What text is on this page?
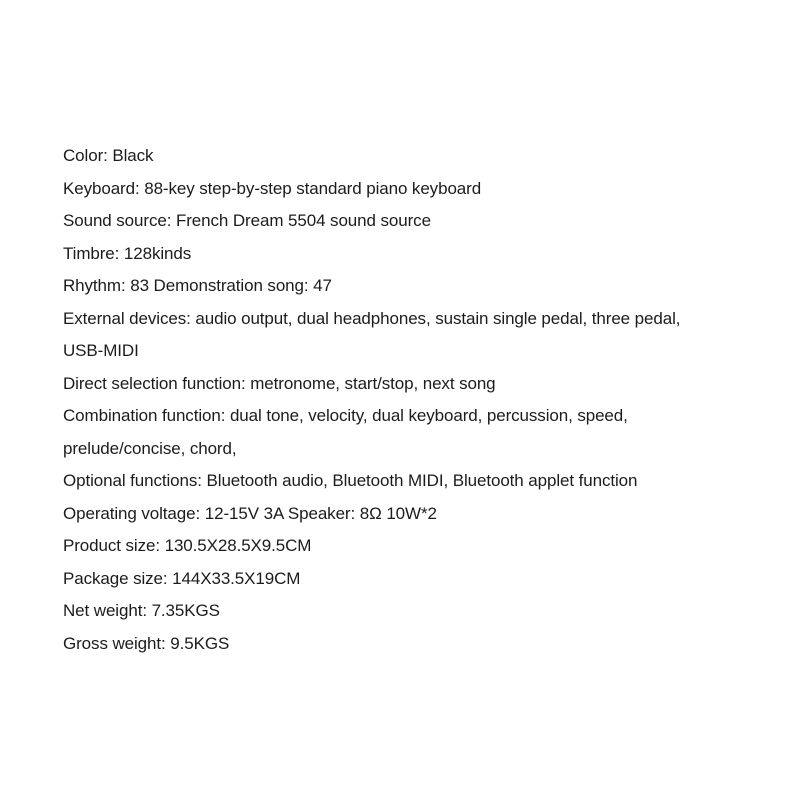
Color: Black
Keyboard: 88-key step-by-step standard piano keyboard
Sound source: French Dream 5504 sound source
Timbre: 128kinds
Rhythm: 83 Demonstration song: 47
External devices: audio output, dual headphones, sustain single pedal, three pedal,
USB-MIDI
Direct selection function: metronome, start/stop, next song
Combination function: dual tone, velocity, dual keyboard, percussion, speed,
prelude/concise, chord,
Optional functions: Bluetooth audio, Bluetooth MIDI, Bluetooth applet function
Operating voltage: 12-15V 3A Speaker: 8Ω 10W*2
Product size: 130.5X28.5X9.5CM
Package size: 144X33.5X19CM
Net weight: 7.35KGS
Gross weight: 9.5KGS
